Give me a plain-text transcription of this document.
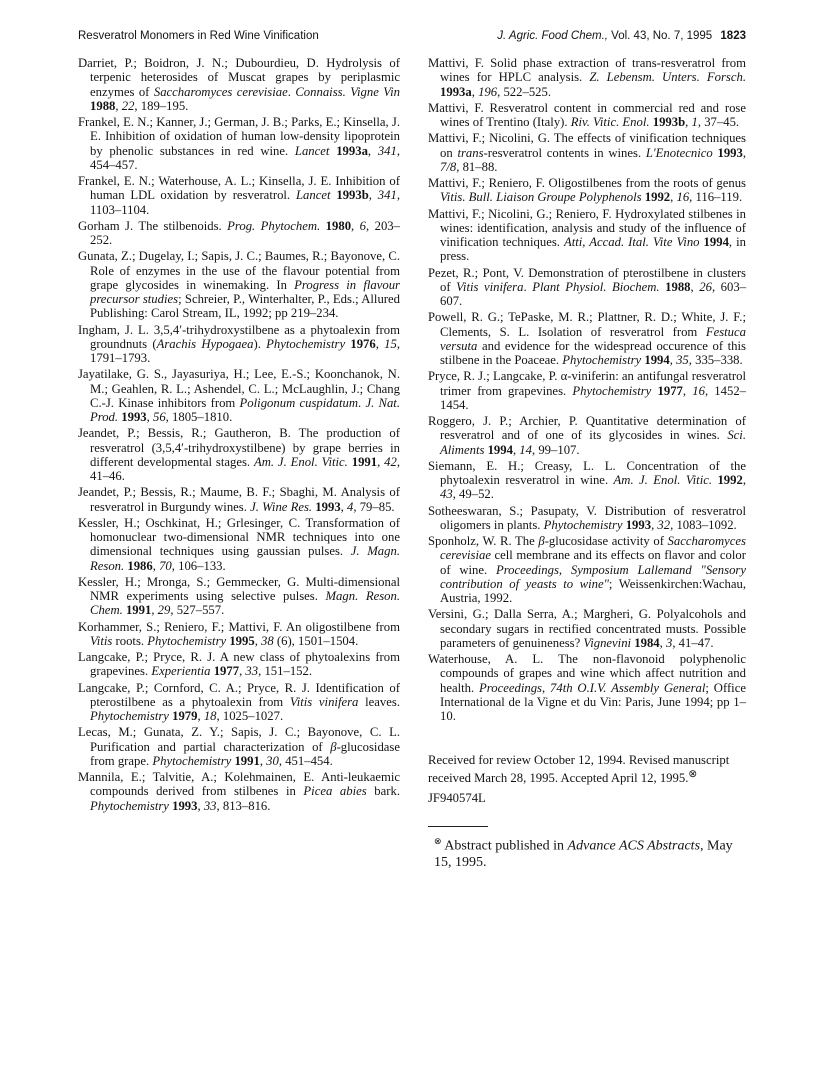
Resveratrol Monomers in Red Wine Vinification	J. Agric. Food Chem., Vol. 43, No. 7, 1995 1823

Darriet, P.; Boidron, J. N.; Dubourdieu, D. Hydrolysis of terpenic heterosides of Muscat grapes by periplasmic enzymes of Saccharomyces cerevisiae. Connaiss. Vigne Vin 1988, 22, 189–195.

Frankel, E. N.; Kanner, J.; German, J. B.; Parks, E.; Kinsella, J. E. Inhibition of oxidation of human low-density lipoprotein by phenolic substances in red wine. Lancet 1993a, 341, 454–457.

Frankel, E. N.; Waterhouse, A. L.; Kinsella, J. E. Inhibition of human LDL oxidation by resveratrol. Lancet 1993b, 341, 1103–1104.

Gorham J. The stilbenoids. Prog. Phytochem. 1980, 6, 203–252.

Gunata, Z.; Dugelay, I.; Sapis, J. C.; Baumes, R.; Bayonove, C. Role of enzymes in the use of the flavour potential from grape glycosides in winemaking. In Progress in flavour precursor studies; Schreier, P., Winterhalter, P., Eds.; Allured Publishing: Carol Stream, IL, 1992; pp 219–234.

Ingham, J. L. 3,5,4′-trihydroxystilbene as a phytoalexin from groundnuts (Arachis Hypogaea). Phytochemistry 1976, 15, 1791–1793.

Jayatilake, G. S., Jayasuriya, H.; Lee, E.-S.; Koonchanok, N. M.; Geahlen, R. L.; Ashendel, C. L.; McLaughlin, J.; Chang C.-J. Kinase inhibitors from Poligonum cuspidatum. J. Nat. Prod. 1993, 56, 1805–1810.

Jeandet, P.; Bessis, R.; Gautheron, B. The production of resveratrol (3,5,4′-trihydroxystilbene) by grape berries in different developmental stages. Am. J. Enol. Vitic. 1991, 42, 41–46.

Jeandet, P.; Bessis, R.; Maume, B. F.; Sbaghi, M. Analysis of resveratrol in Burgundy wines. J. Wine Res. 1993, 4, 79–85.

Kessler, H.; Oschkinat, H.; Grlesinger, C. Transformation of homonuclear two-dimensional NMR techniques into one dimensional techniques using gaussian pulses. J. Magn. Reson. 1986, 70, 106–133.

Kessler, H.; Mronga, S.; Gemmecker, G. Multi-dimensional NMR experiments using selective pulses. Magn. Reson. Chem. 1991, 29, 527–557.

Korhammer, S.; Reniero, F.; Mattivi, F. An oligostilbene from Vitis roots. Phytochemistry 1995, 38 (6), 1501–1504.

Langcake, P.; Pryce, R. J. A new class of phytoalexins from grapevines. Experientia 1977, 33, 151–152.

Langcake, P.; Cornford, C. A.; Pryce, R. J. Identification of pterostilbene as a phytoalexin from Vitis vinifera leaves. Phytochemistry 1979, 18, 1025–1027.

Lecas, M.; Gunata, Z. Y.; Sapis, J. C.; Bayonove, C. L. Purification and partial characterization of β-glucosidase from grape. Phytochemistry 1991, 30, 451–454.

Mannila, E.; Talvitie, A.; Kolehmainen, E. Anti-leukaemic compounds derived from stilbenes in Picea abies bark. Phytochemistry 1993, 33, 813–816.

Mattivi, F. Solid phase extraction of trans-resveratrol from wines for HPLC analysis. Z. Lebensm. Unters. Forsch. 1993a, 196, 522–525.

Mattivi, F. Resveratrol content in commercial red and rose wines of Trentino (Italy). Riv. Vitic. Enol. 1993b, 1, 37–45.

Mattivi, F.; Nicolini, G. The effects of vinification techniques on trans-resveratrol contents in wines. L'Enotecnico 1993, 7/8, 81–88.

Mattivi, F.; Reniero, F. Oligostilbenes from the roots of genus Vitis. Bull. Liaison Groupe Polyphenols 1992, 16, 116–119.

Mattivi, F.; Nicolini, G.; Reniero, F. Hydroxylated stilbenes in wines: identification, analysis and study of the influence of vinification techniques. Atti, Accad. Ital. Vite Vino 1994, in press.

Pezet, R.; Pont, V. Demonstration of pterostilbene in clusters of Vitis vinifera. Plant Physiol. Biochem. 1988, 26, 603–607.

Powell, R. G.; TePaske, M. R.; Plattner, R. D.; White, J. F.; Clements, S. L. Isolation of resveratrol from Festuca versuta and evidence for the widespread occurence of this stilbene in the Poaceae. Phytochemistry 1994, 35, 335–338.

Pryce, R. J.; Langcake, P. α-viniferin: an antifungal resveratrol trimer from grapevines. Phytochemistry 1977, 16, 1452–1454.

Roggero, J. P.; Archier, P. Quantitative determination of resveratrol and of one of its glycosides in wines. Sci. Aliments 1994, 14, 99–107.

Siemann, E. H.; Creasy, L. L. Concentration of the phytoalexin resveratrol in wine. Am. J. Enol. Vitic. 1992, 43, 49–52.

Sotheeswaran, S.; Pasupaty, V. Distribution of resveratrol oligomers in plants. Phytochemistry 1993, 32, 1083–1092.

Sponholz, W. R. The β-glucosidase activity of Saccharomyces cerevisiae cell membrane and its effects on flavor and color of wine. Proceedings, Symposium Lallemand "Sensory contribution of yeasts to wine"; Weissenkirchen:Wachau, Austria, 1992.

Versini, G.; Dalla Serra, A.; Margheri, G. Polyalcohols and secondary sugars in rectified concentrated musts. Possible parameters of genuineness? Vignevini 1984, 3, 41–47.

Waterhouse, A. L. The non-flavonoid polyphenolic compounds of grapes and wine which affect nutrition and health. Proceedings, 74th O.I.V. Assembly General; Office International de la Vigne et du Vin: Paris, June 1994; pp 1–10.

Received for review October 12, 1994. Revised manuscript received March 28, 1995. Accepted April 12, 1995.⊗
JF940574L
⊗ Abstract published in Advance ACS Abstracts, May 15, 1995.
